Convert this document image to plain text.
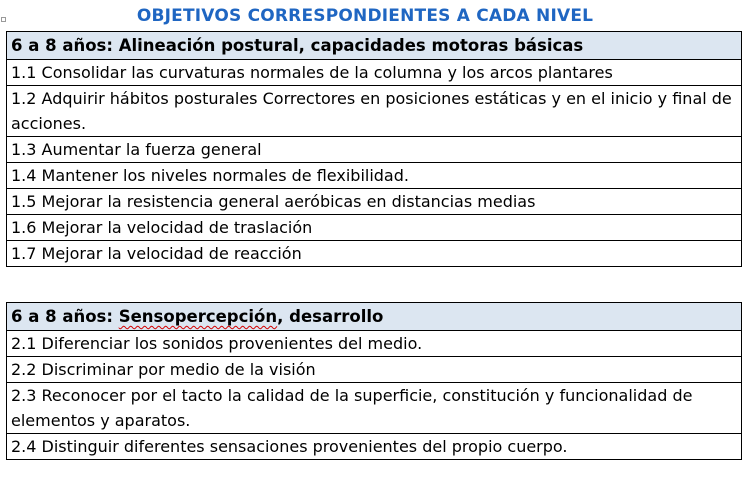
OBJETIVOS CORRESPONDIENTES A CADA NIVEL
6 a 8 años: Alineación postural, capacidades motoras básicas
1.1 Consolidar las curvaturas normales de la columna y los arcos plantares
1.2 Adquirir hábitos posturales Correctores en posiciones estáticas y en el inicio y final de acciones.
1.3 Aumentar la fuerza general
1.4 Mantener los niveles normales de flexibilidad.
1.5 Mejorar la resistencia general aeróbicas en distancias medias
1.6 Mejorar la velocidad de traslación
1.7 Mejorar la velocidad de reacción
6 a 8 años: Sensopercepción, desarrollo
2.1 Diferenciar los sonidos provenientes del medio.
2.2 Discriminar por medio de la visión
2.3 Reconocer por el tacto la calidad de la superficie, constitución y funcionalidad de elementos y aparatos.
2.4 Distinguir diferentes sensaciones provenientes del propio cuerpo.
